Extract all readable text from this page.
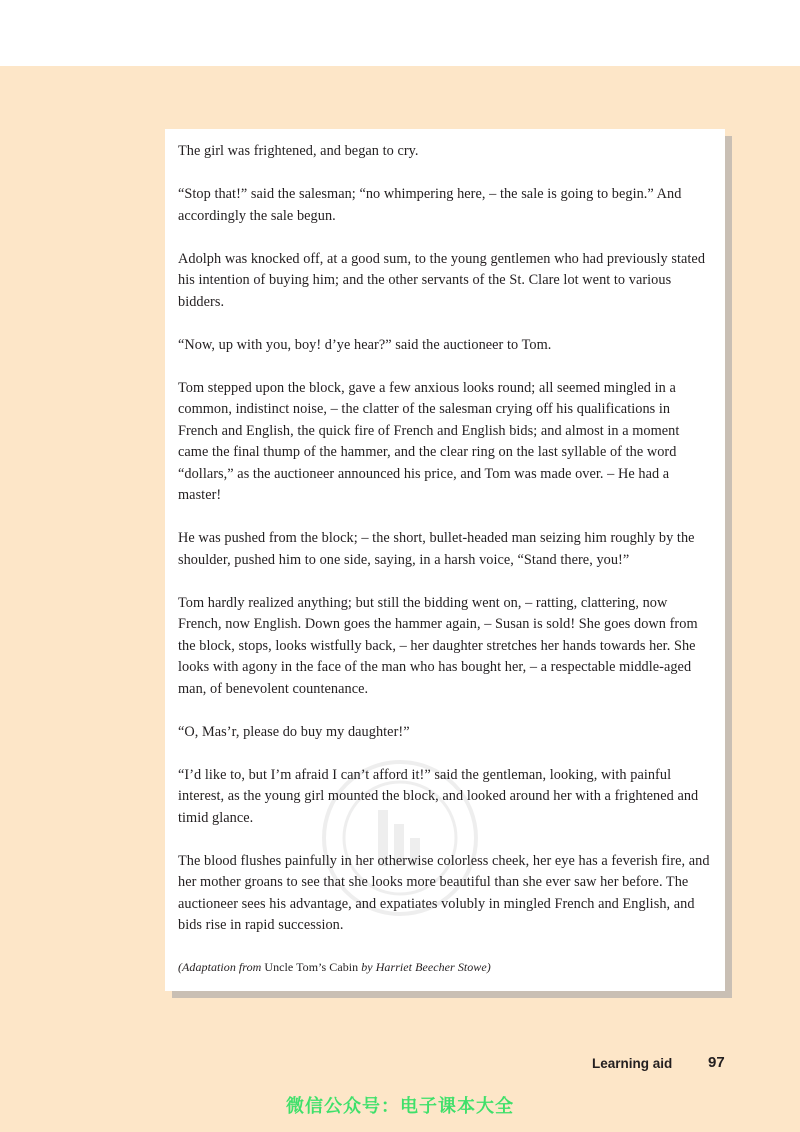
The girl was frightened, and began to cry.

“Stop that!” said the salesman; “no whimpering here, – the sale is going to begin.” And accordingly the sale begun.

Adolph was knocked off, at a good sum, to the young gentlemen who had previously stated his intention of buying him; and the other servants of the St. Clare lot went to various bidders.

“Now, up with you, boy! d’ye hear?” said the auctioneer to Tom.

Tom stepped upon the block, gave a few anxious looks round; all seemed mingled in a common, indistinct noise, – the clatter of the salesman crying off his qualifications in French and English, the quick fire of French and English bids; and almost in a moment came the final thump of the hammer, and the clear ring on the last syllable of the word “dollars,” as the auctioneer announced his price, and Tom was made over. – He had a master!

He was pushed from the block; – the short, bullet-headed man seizing him roughly by the shoulder, pushed him to one side, saying, in a harsh voice, “Stand there, you!”

Tom hardly realized anything; but still the bidding went on, – ratting, clattering, now French, now English. Down goes the hammer again, – Susan is sold! She goes down from the block, stops, looks wistfully back, – her daughter stretches her hands towards her. She looks with agony in the face of the man who has bought her, – a respectable middle-aged man, of benevolent countenance.

“O, Mas’r, please do buy my daughter!”

“I’d like to, but I’m afraid I can’t afford it!” said the gentleman, looking, with painful interest, as the young girl mounted the block, and looked around her with a frightened and timid glance.

The blood flushes painfully in her otherwise colorless cheek, her eye has a feverish fire, and her mother groans to see that she looks more beautiful than she ever saw her before. The auctioneer sees his advantage, and expatiates volubly in mingled French and English, and bids rise in rapid succession.

(Adaptation from Uncle Tom’s Cabin by Harriet Beecher Stowe)

Learning aid 97
微信公众号：电子课本大全
